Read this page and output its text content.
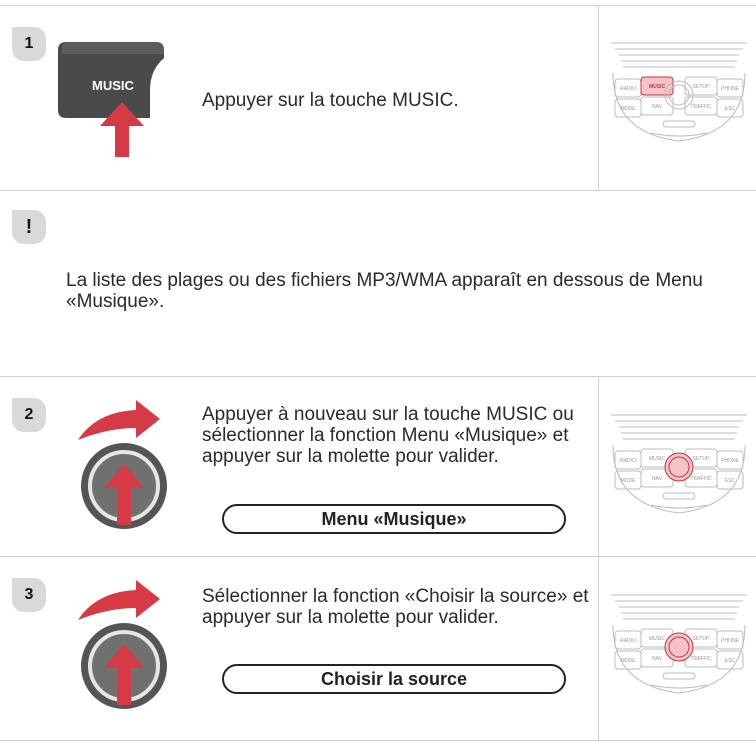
1
MUSIC
Appuyer sur la touche MUSIC.
RADIO	MUSIC	SETUP PHONE
MODE	NAV	TRAFFIC	ESC
!
La liste des plages ou des fichiers MP3/WMA apparaît en dessous de Menu «Musique».
2	Appuyer à nouveau sur la touche MUSIC ou sélectionner la fonction Menu «Musique» et appuyer sur la molette pour valider.
Menu «Musique»
RADIO	MUSIC	SETUP PHONE
MODE	NAV	TRAFFIC	ESC
3	Sélectionner la fonction «Choisir la source» et appuyer sur la molette pour valider.
Choisir la source
RADIO	MUSIC	SETUP PHONE
MODE	NAV	TRAFFIC	ESC
